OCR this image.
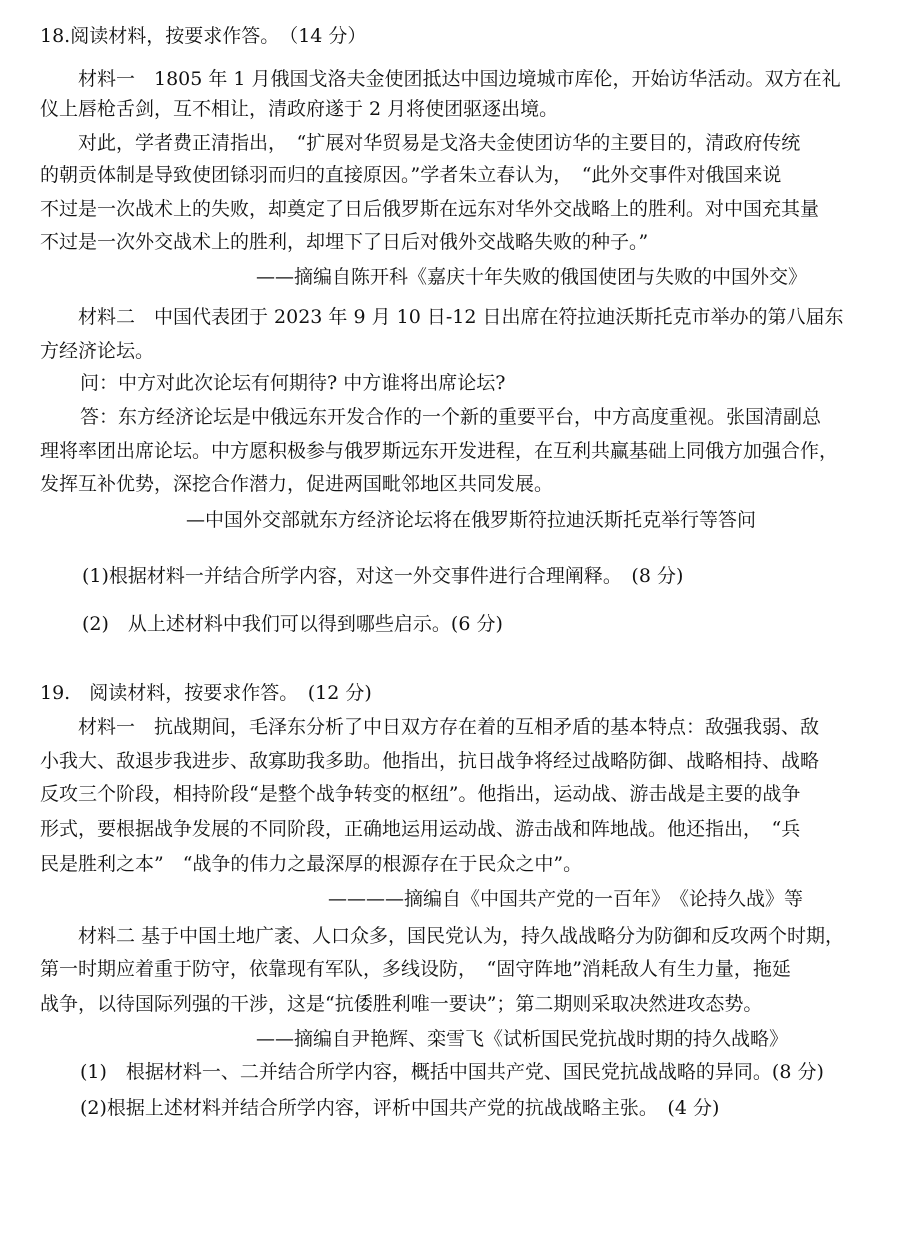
18.阅读材料，按要求作答。　（14 分）
材料一　1805 年 1 月俄国戈洛夫金使团抵达中国边境城市库伦，开始访华活动。双方在礼
仪上唇枪舌剑，互不相让，清政府遂于 2 月将使团驱逐出境。
对此，学者费正清指出，　“扩展对华贸易是戈洛夫金使团访华的主要目的，清政府传统
的朝贡体制是导致使团铩羽而归的直接原因。”学者朱立春认为，　“此外交事件对俄国来说
不过是一次战术上的失败，却奠定了日后俄罗斯在远东对华外交战略上的胜利。对中国充其量
不过是一次外交战术上的胜利，却埋下了日后对俄外交战略失败的种子。”
——摘编自陈开科《嘉庆十年失败的俄国使团与失败的中国外交》
材料二　中国代表团于 2023 年 9 月 10 日-12 日出席在符拉迪沃斯托克市举办的第八届东
方经济论坛。
问：中方对此次论坛有何期待? 中方谁将出席论坛?
答：东方经济论坛是中俄远东开发合作的一个新的重要平台，中方高度重视。张国清副总
理将率团出席论坛。中方愿积极参与俄罗斯远东开发进程，在互利共赢基础上同俄方加强合作，
发挥互补优势，深挖合作潜力，促进两国毗邻地区共同发展。
—中国外交部就东方经济论坛将在俄罗斯符拉迪沃斯托克举行等答问
(1)根据材料一并结合所学内容，对这一外交事件进行合理阐释。　(8 分)
(2)　从上述材料中我们可以得到哪些启示。(6 分)
19.　阅读材料，按要求作答。　(12 分)
材料一　抗战期间，毛泽东分析了中日双方存在着的互相矛盾的基本特点：敌强我弱、敌
小我大、敌退步我进步、敌寡助我多助。他指出，抗日战争将经过战略防御、战略相持、战略
反攻三个阶段，相持阶段“是整个战争转变的枢纽”。他指出，运动战、游击战是主要的战争
形式，要根据战争发展的不同阶段，正确地运用运动战、游击战和阵地战。他还指出，　“兵
民是胜利之本”　“战争的伟力之最深厚的根源存在于民众之中”。
————摘编自《中国共产党的一百年》　《论持久战》等
材料二 基于中国土地广袤、人口众多，国民党认为，持久战战略分为防御和反攻两个时期，
第一时期应着重于防守，依靠现有军队，多线设防，　“固守阵地”消耗敌人有生力量，拖延
战争，以待国际列强的干涉，这是“抗倭胜利唯一要诀”；第二期则采取决然进攻态势。
——摘编自尹艳辉、栾雪飞《试析国民党抗战时期的持久战略》
(1)　根据材料一、二并结合所学内容，概括中国共产党、国民党抗战战略的异同。(8 分)
(2)根据上述材料并结合所学内容，评析中国共产党的抗战战略主张。　(4 分)
